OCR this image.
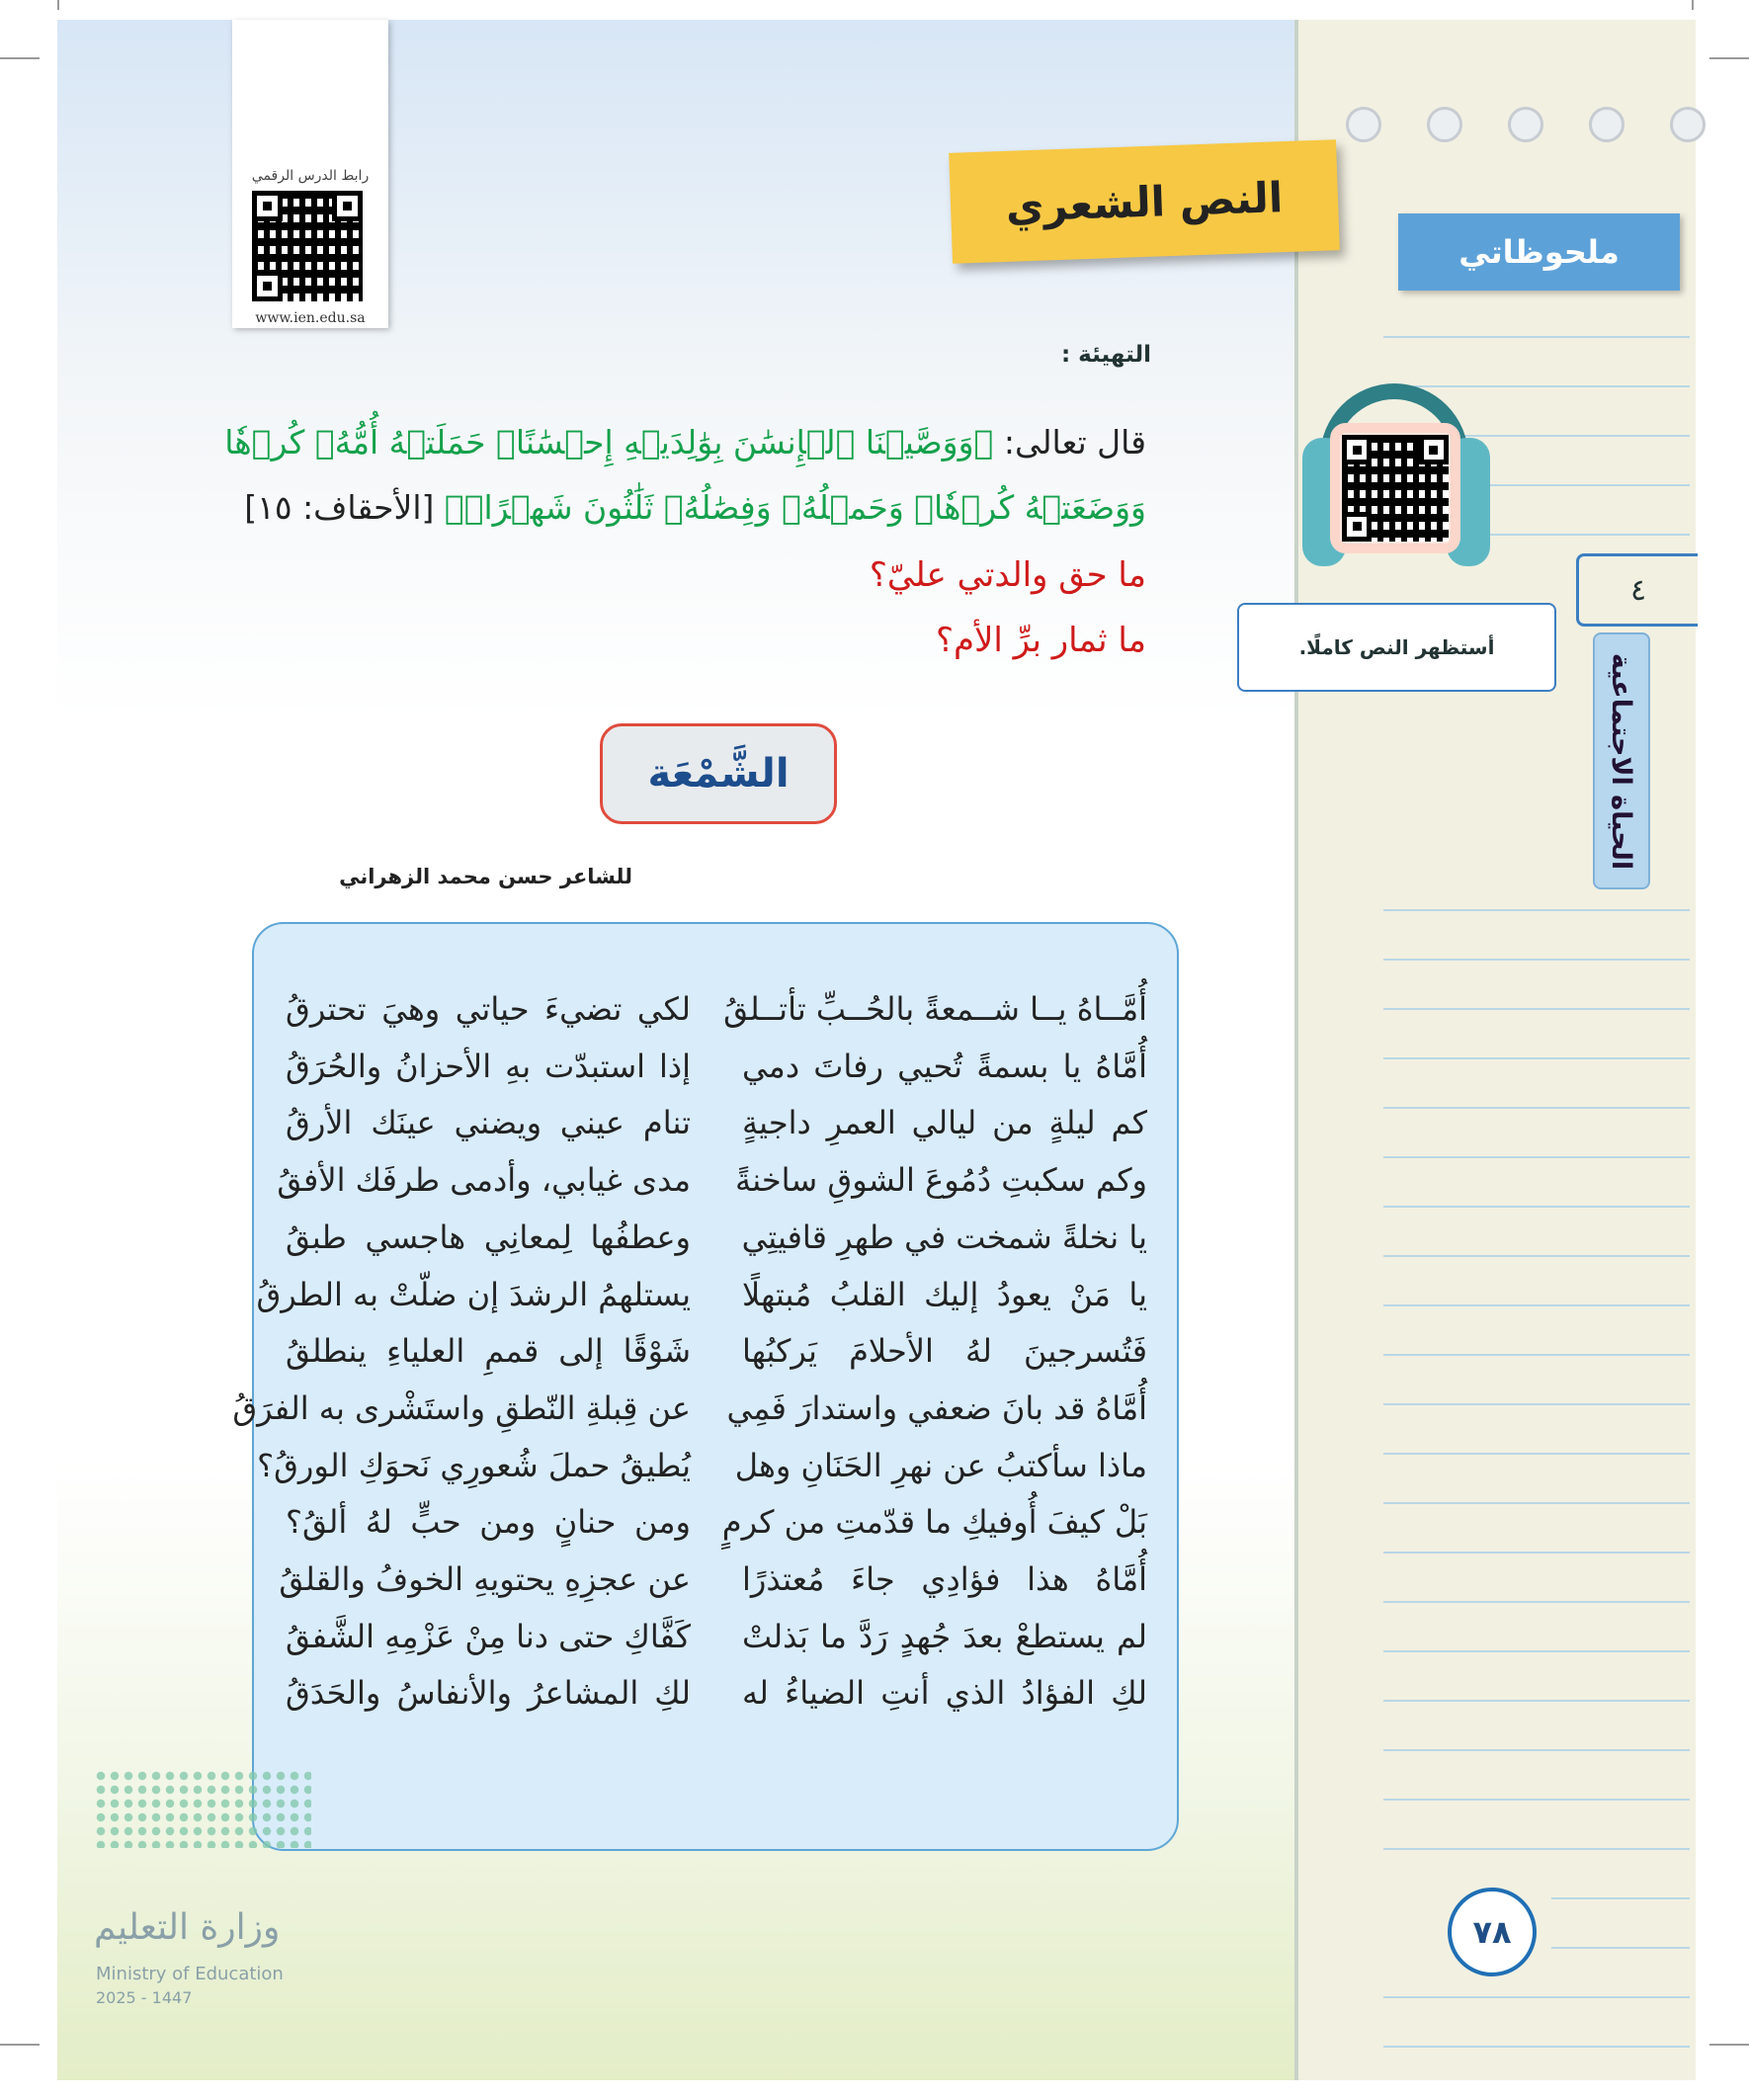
ملحوظاتي
٤
أستظهر النص كاملًا.
الحياة الاجتماعية
رابط الدرس الرقمي
www.ien.edu.sa
النص الشعري
التهيئة :
قال تعالى: ﴿وَوَصَّيۡنَا ٱلۡإِنسَٰنَ بِوَٰلِدَيۡهِ إِحۡسَٰنًاۖ حَمَلَتۡهُ أُمُّهُۥ كُرۡهٗا وَوَضَعَتۡهُ كُرۡهٗاۖ وَحَمۡلُهُۥ وَفِصَٰلُهُۥ ثَلَٰثُونَ شَهۡرًاۚ﴾ [الأحقاف: ١٥]
ما حق والدتي عليّ؟
ما ثمار برِّ الأم؟
الشَّمْعَة
للشاعر حسن محمد الزهراني
أُمَّــاهُ يــا شــمعةً بالحُــبِّ تأتــلقُ
أُمَّاهُ يا بسمةً تُحيي رفاتَ دمي
كم ليلةٍ من ليالي العمرِ داجيةٍ
وكم سكبتِ دُمُوعَ الشوقِ ساخنةً
يا نخلةً شمخت في طهرِ قافيتِي
يا مَنْ يعودُ إليك القلبُ مُبتهلًا
فَتُسرجينَ لهُ الأحلامَ يَركبُها
أُمَّاهُ قد بانَ ضعفي واستدارَ فَمِي
ماذا سأكتبُ عن نهرِ الحَنَانِ وهل
بَلْ كيفَ أُوفيكِ ما قدّمتِ من كرمٍ
أُمَّاهُ هذا فؤادِي جاءَ مُعتذرًا
لم يستطعْ بعدَ جُهدٍ رَدَّ ما بَذلتْ
لكِ الفؤادُ الذي أنتِ الضياءُ له
لكي تضيءَ حياتي وهيَ تحترقُ
إذا استبدّت بهِ الأحزانُ والحُرَقُ
تنام عيني ويضني عينَك الأرقُ
مدى غيابي، وأدمى طرفَك الأفقُ
وعطفُها لِمعانِي هاجسي طبقُ
يستلهمُ الرشدَ إن ضلّتْ به الطرقُ
شَوْقًا إلى قممِ العلياءِ ينطلقُ
عن قِبلةِ النّطقِ واستَشْرى به الفرَقُ
يُطيقُ حملَ شُعورِي نَحوَكِ الورقُ؟
ومن حنانٍ ومن حبٍّ لهُ ألقُ؟
عن عجزِهِ يحتويهِ الخوفُ والقلقُ
كَفَّاكِ حتى دنا مِنْ عَزْمِهِ الشَّفقُ
لكِ المشاعرُ والأنفاسُ والحَدَقُ
وزارة التعليم
Ministry of Education
2025 - 1447
٧٨
